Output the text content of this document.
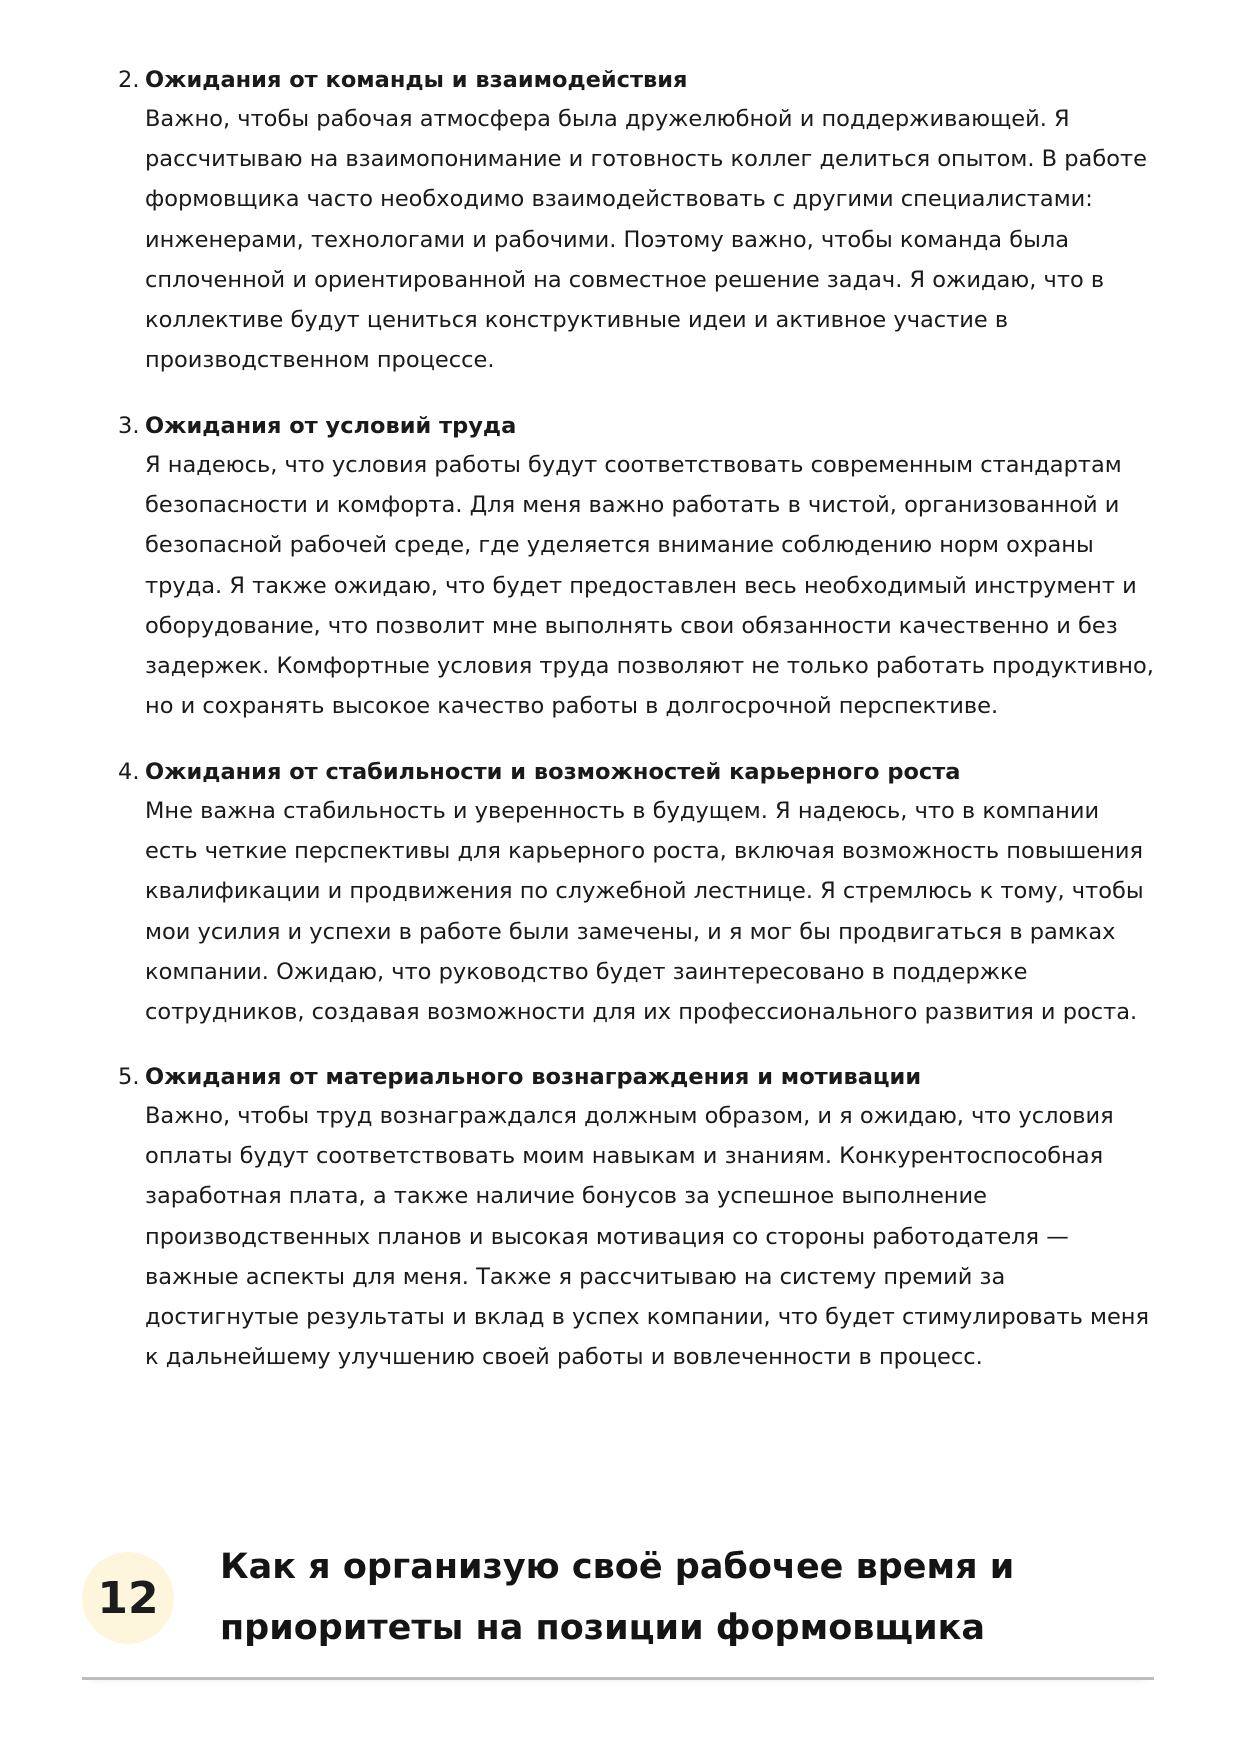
2. Ожидания от команды и взаимодействия
Важно, чтобы рабочая атмосфера была дружелюбной и поддерживающей. Я рассчитываю на взаимопонимание и готовность коллег делиться опытом. В работе формовщика часто необходимо взаимодействовать с другими специалистами: инженерами, технологами и рабочими. Поэтому важно, чтобы команда была сплоченной и ориентированной на совместное решение задач. Я ожидаю, что в коллективе будут цениться конструктивные идеи и активное участие в производственном процессе.
3. Ожидания от условий труда
Я надеюсь, что условия работы будут соответствовать современным стандартам безопасности и комфорта. Для меня важно работать в чистой, организованной и безопасной рабочей среде, где уделяется внимание соблюдению норм охраны труда. Я также ожидаю, что будет предоставлен весь необходимый инструмент и оборудование, что позволит мне выполнять свои обязанности качественно и без задержек. Комфортные условия труда позволяют не только работать продуктивно, но и сохранять высокое качество работы в долгосрочной перспективе.
4. Ожидания от стабильности и возможностей карьерного роста
Мне важна стабильность и уверенность в будущем. Я надеюсь, что в компании есть четкие перспективы для карьерного роста, включая возможность повышения квалификации и продвижения по служебной лестнице. Я стремлюсь к тому, чтобы мои усилия и успехи в работе были замечены, и я мог бы продвигаться в рамках компании. Ожидаю, что руководство будет заинтересовано в поддержке сотрудников, создавая возможности для их профессионального развития и роста.
5. Ожидания от материального вознаграждения и мотивации
Важно, чтобы труд вознаграждался должным образом, и я ожидаю, что условия оплаты будут соответствовать моим навыкам и знаниям. Конкурентоспособная заработная плата, а также наличие бонусов за успешное выполнение производственных планов и высокая мотивация со стороны работодателя — важные аспекты для меня. Также я рассчитываю на систему премий за достигнутые результаты и вклад в успех компании, что будет стимулировать меня к дальнейшему улучшению своей работы и вовлеченности в процесс.
12
Как я организую своё рабочее время и приоритеты на позиции формовщика
